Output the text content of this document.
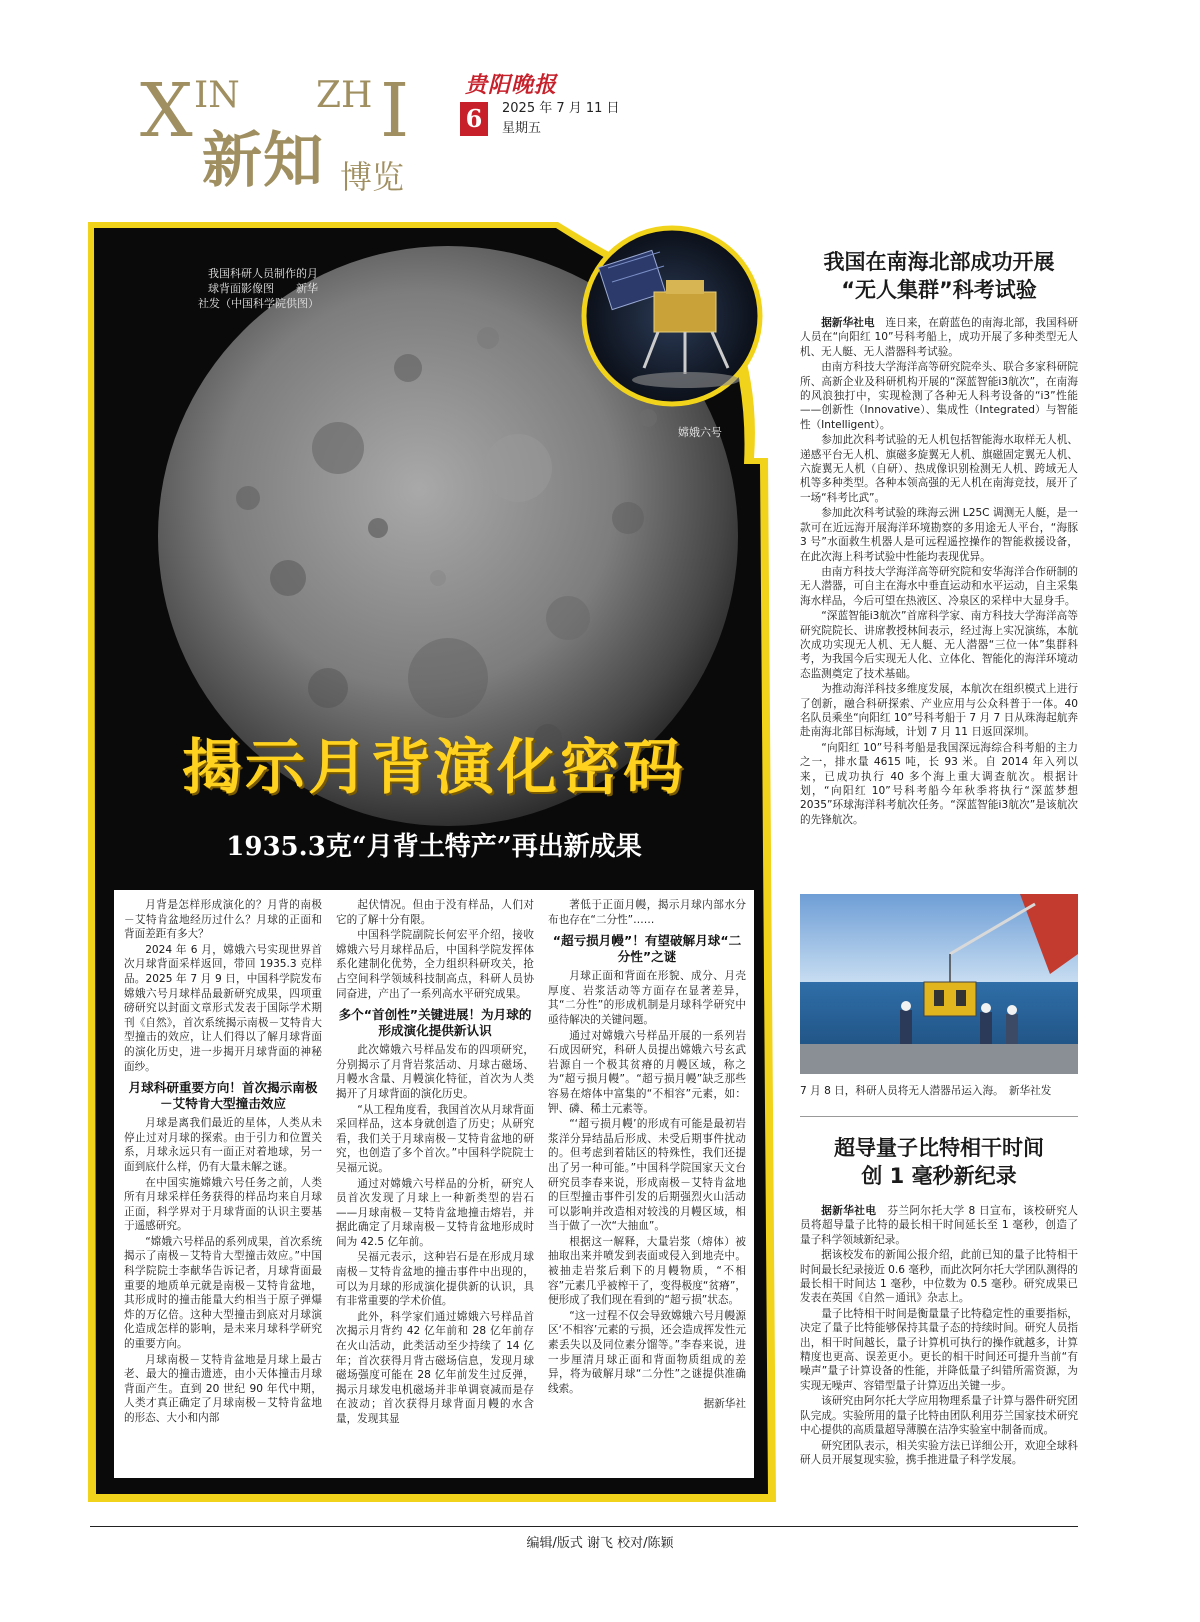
X IN ZH I
新知 博览
贵阳晚报
6	2025 年 7 月 11 日
星期五
我国科研人员制作的月球背面影像图　　新华社发（中国科学院供图）
嫦娥六号
揭示月背演化密码
1935.3克“月背土特产”再出新成果

月背是怎样形成演化的？月背的南极－艾特肯盆地经历过什么？月球的正面和背面差距有多大？

2024 年 6 月，嫦娥六号实现世界首次月球背面采样返回，带回 1935.3 克样品。2025 年 7 月 9 日，中国科学院发布嫦娥六号月球样品最新研究成果，四项重磅研究以封面文章形式发表于国际学术期刊《自然》，首次系统揭示南极－艾特肯大型撞击的效应，让人们得以了解月球背面的演化历史，进一步揭开月球背面的神秘面纱。

月球科研重要方向！首次揭示南极－艾特肯大型撞击效应

月球是离我们最近的星体，人类从未停止过对月球的探索。由于引力和位置关系，月球永远只有一面正对着地球，另一面到底什么样，仍有大量未解之谜。

在中国实施嫦娥六号任务之前，人类所有月球采样任务获得的样品均来自月球正面，科学界对于月球背面的认识主要基于遥感研究。

“嫦娥六号样品的系列成果，首次系统揭示了南极－艾特肯大型撞击效应。”中国科学院院士李献华告诉记者，月球背面最重要的地质单元就是南极－艾特肯盆地，其形成时的撞击能量大约相当于原子弹爆炸的万亿倍。这种大型撞击到底对月球演化造成怎样的影响，是未来月球科学研究的重要方向。

月球南极－艾特肯盆地是月球上最古老、最大的撞击遗迹，由小天体撞击月球背面产生。直到 20 世纪 90 年代中期，人类才真正确定了月球南极－艾特肯盆地的形态、大小和内部

起伏情况。但由于没有样品，人们对它的了解十分有限。

中国科学院副院长何宏平介绍，接收嫦娥六号月球样品后，中国科学院发挥体系化建制化优势，全力组织科研攻关，抢占空间科学领域科技制高点，科研人员协同奋进，产出了一系列高水平研究成果。

多个“首创性”关键进展！为月球的形成演化提供新认识

此次嫦娥六号样品发布的四项研究，分别揭示了月背岩浆活动、月球古磁场、月幔水含量、月幔演化特征，首次为人类揭开了月球背面的演化历史。

“从工程角度看，我国首次从月球背面采回样品，这本身就创造了历史；从研究看，我们关于月球南极－艾特肯盆地的研究，也创造了多个首次。”中国科学院院士吴福元说。

通过对嫦娥六号样品的分析，研究人员首次发现了月球上一种新类型的岩石——月球南极－艾特肯盆地撞击熔岩，并据此确定了月球南极－艾特肯盆地形成时间为 42.5 亿年前。

吴福元表示，这种岩石是在形成月球南极－艾特肯盆地的撞击事件中出现的，可以为月球的形成演化提供新的认识，具有非常重要的学术价值。

此外，科学家们通过嫦娥六号样品首次揭示月背约 42 亿年前和 28 亿年前存在火山活动，此类活动至少持续了 14 亿年；首次获得月背古磁场信息，发现月球磁场强度可能在 28 亿年前发生过反弹，揭示月球发电机磁场并非单调衰减而是存在波动；首次获得月球背面月幔的水含量，发现其显

著低于正面月幔，揭示月球内部水分布也存在“二分性”……

“超亏损月幔”！有望破解月球“二分性”之谜

月球正面和背面在形貌、成分、月壳厚度、岩浆活动等方面存在显著差异，其“二分性”的形成机制是月球科学研究中亟待解决的关键问题。

通过对嫦娥六号样品开展的一系列岩石成因研究，科研人员提出嫦娥六号玄武岩源自一个极其贫瘠的月幔区域，称之为“超亏损月幔”。“超亏损月幔”缺乏那些容易在熔体中富集的“不相容”元素，如：钾、磷、稀土元素等。

“‘超亏损月幔’的形成有可能是最初岩浆洋分异结晶后形成、未受后期事件扰动的。但考虑到着陆区的特殊性，我们还提出了另一种可能。”中国科学院国家天文台研究员李春来说，形成南极－艾特肯盆地的巨型撞击事件引发的后期强烈火山活动可以影响并改造相对较浅的月幔区域，相当于做了一次“大抽血”。

根据这一解释，大量岩浆（熔体）被抽取出来并喷发到表面或侵入到地壳中。被抽走岩浆后剩下的月幔物质，“不相容”元素几乎被榨干了，变得极度“贫瘠”，便形成了我们现在看到的“超亏损”状态。

“这一过程不仅会导致嫦娥六号月幔源区‘不相容’元素的亏损，还会造成挥发性元素丢失以及同位素分馏等。”李春来说，进一步厘清月球正面和背面物质组成的差异，将为破解月球“二分性”之谜提供准确线索。

据新华社

我国在南海北部成功开展
“无人集群”科考试验

据新华社电　 连日来，在蔚蓝色的南海北部，我国科研人员在“向阳红 10”号科考船上，成功开展了多种类型无人机、无人艇、无人潜器科考试验。

由南方科技大学海洋高等研究院牵头、联合多家科研院所、高新企业及科研机构开展的“深蓝智能i3航次”，在南海的风浪独打中，实现检测了各种无人科考设备的“i3”性能——创新性（Innovative）、集成性（Integrated）与智能性（Intelligent）。

参加此次科考试验的无人机包括智能海水取样无人机、递感平台无人机、旗磁多旋翼无人机、旗磁固定翼无人机、六旋翼无人机（自研）、热成像识别检测无人机、跨域无人机等多种类型。各种本领高强的无人机在南海竞技，展开了一场“科考比武”。

参加此次科考试验的珠海云洲 L25C 调测无人艇，是一款可在近远海开展海洋环境勘察的多用途无人平台，“海豚 3 号”水面救生机器人是可远程遥控操作的智能救援设备，在此次海上科考试验中性能均表现优异。

由南方科技大学海洋高等研究院和安华海洋合作研制的无人潜器，可自主在海水中垂直运动和水平运动，自主采集海水样品，今后可望在热液区、冷泉区的采样中大显身手。

“深蓝智能i3航次”首席科学家、南方科技大学海洋高等研究院院长、讲席教授林间表示，经过海上实况演练，本航次成功实现无人机、无人艇、无人潜器“三位一体”集群科考，为我国今后实现无人化、立体化、智能化的海洋环境动态监测奠定了技术基础。

为推动海洋科技多维度发展，本航次在组织模式上进行了创新，融合科研探索、产业应用与公众科普于一体。40 名队员乘坐“向阳红 10”号科考船于 7 月 7 日从珠海起航奔赴南海北部目标海域，计划 7 月 11 日返回深圳。

“向阳红 10”号科考船是我国深远海综合科考船的主力之一，排水量 4615 吨，长 93 米。自 2014 年入列以来，已成功执行 40 多个海上重大调查航次。根据计划，“向阳红 10”号科考船今年秋季将执行“深蓝梦想 2035”环球海洋科考航次任务。“深蓝智能i3航次”是该航次的先锋航次。

7 月 8 日，科研人员将无人潜器吊运入海。　新华社发
超导量子比特相干时间
创 1 毫秒新纪录

据新华社电　 芬兰阿尔托大学 8 日宣布，该校研究人员将超导量子比特的最长相干时间延长至 1 毫秒，创造了量子科学领域新纪录。

据该校发布的新闻公报介绍，此前已知的量子比特相干时间最长纪录接近 0.6 毫秒，而此次阿尔托大学团队测得的最长相干时间达 1 毫秒，中位数为 0.5 毫秒。研究成果已发表在英国《自然－通讯》杂志上。

量子比特相干时间是衡量量子比特稳定性的重要指标，决定了量子比特能够保持其量子态的持续时间。研究人员指出，相干时间越长，量子计算机可执行的操作就越多，计算精度也更高、误差更小。更长的相干时间还可提升当前“有噪声”量子计算设备的性能，并降低量子纠错所需资源，为实现无噪声、容错型量子计算迈出关键一步。

该研究由阿尔托大学应用物理系量子计算与器件研究团队完成。实验所用的量子比特由团队利用芬兰国家技术研究中心提供的高质量超导薄膜在洁净实验室中制备而成。

研究团队表示，相关实验方法已详细公开，欢迎全球科研人员开展复现实验，携手推进量子科学发展。

编辑/版式 谢飞 校对/陈颖
